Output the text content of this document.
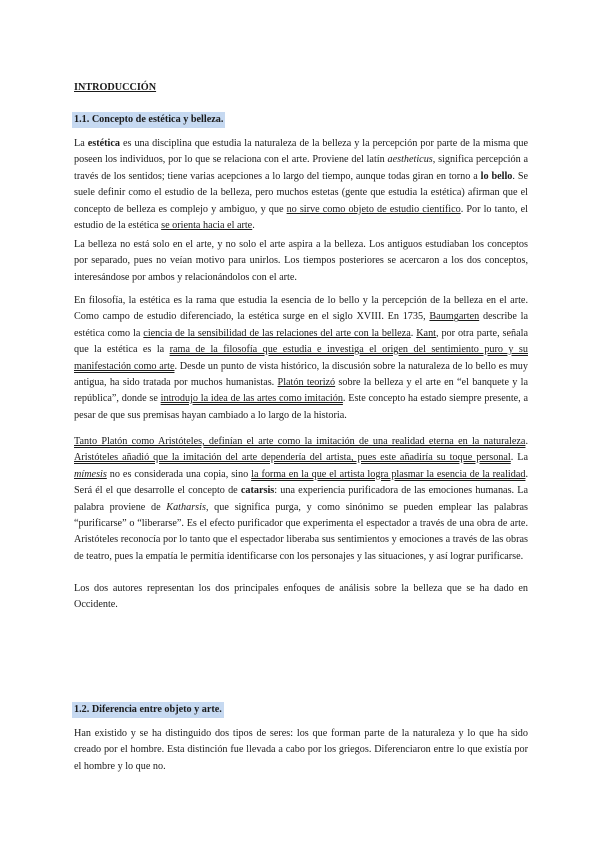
INTRODUCCIÓN
1.1. Concepto de estética y belleza.

La estética es una disciplina que estudia la naturaleza de la belleza y la percepción por parte de la misma que poseen los individuos, por lo que se relaciona con el arte. Proviene del latín aestheticus, significa percepción a través de los sentidos; tiene varias acepciones a lo largo del tiempo, aunque todas giran en torno a lo bello. Se suele definir como el estudio de la belleza, pero muchos estetas (gente que estudia la estética) afirman que el concepto de belleza es complejo y ambiguo, y que no sirve como objeto de estudio científico. Por lo tanto, el estudio de la estética se orienta hacia el arte.

La belleza no está solo en el arte, y no solo el arte aspira a la belleza. Los antiguos estudiaban los conceptos por separado, pues no veían motivo para unirlos. Los tiempos posteriores se acercaron a los dos conceptos, interesándose por ambos y relacionándolos con el arte.

En filosofía, la estética es la rama que estudia la esencia de lo bello y la percepción de la belleza en el arte. Como campo de estudio diferenciado, la estética surge en el siglo XVIII. En 1735, Baumgarten describe la estética como la ciencia de la sensibilidad de las relaciones del arte con la belleza. Kant, por otra parte, señala que la estética es la rama de la filosofía que estudia e investiga el origen del sentimiento puro y su manifestación como arte. Desde un punto de vista histórico, la discusión sobre la naturaleza de lo bello es muy antigua, ha sido tratada por muchos humanistas. Platón teorizó sobre la belleza y el arte en “el banquete y la república”, donde se introdujo la idea de las artes como imitación. Este concepto ha estado siempre presente, a pesar de que sus premisas hayan cambiado a lo largo de la historia.

Tanto Platón como Aristóteles, definían el arte como la imitación de una realidad eterna en la naturaleza. Aristóteles añadió que la imitación del arte dependería del artista, pues este añadiría su toque personal. La mímesis no es considerada una copia, sino la forma en la que el artista logra plasmar la esencia de la realidad. Será él el que desarrolle el concepto de catarsis: una experiencia purificadora de las emociones humanas. La palabra proviene de Katharsis, que significa purga, y como sinónimo se pueden emplear las palabras “purificarse” o “liberarse”. Es el efecto purificador que experimenta el espectador a través de una obra de arte. Aristóteles reconocía por lo tanto que el espectador liberaba sus sentimientos y emociones a través de las obras de teatro, pues la empatía le permitía identificarse con los personajes y las situaciones, y así lograr purificarse.

Los dos autores representan los dos principales enfoques de análisis sobre la belleza que se ha dado en Occidente.

1.2. Diferencia entre objeto y arte.

Han existido y se ha distinguido dos tipos de seres: los que forman parte de la naturaleza y lo que ha sido creado por el hombre. Esta distinción fue llevada a cabo por los griegos. Diferenciaron entre lo que existía por el hombre y lo que no.
